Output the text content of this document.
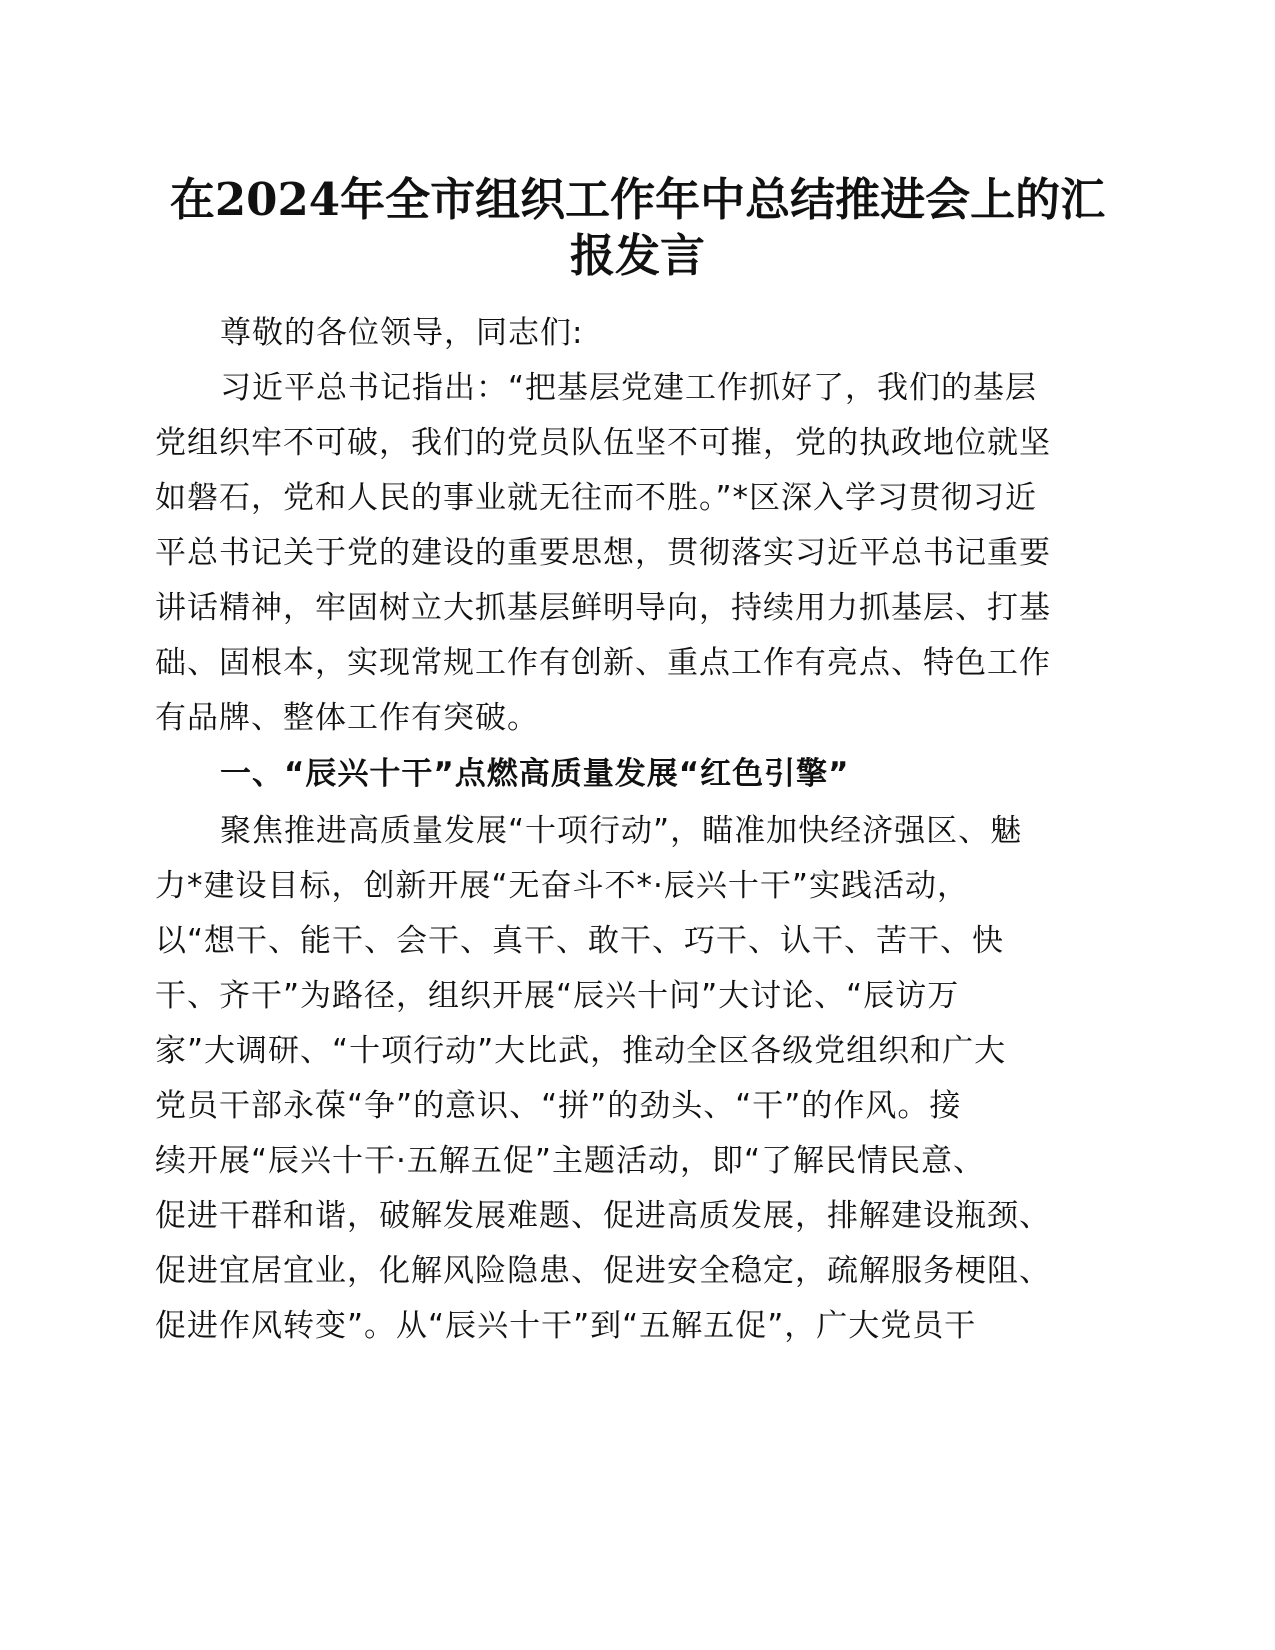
在2024年全市组织工作年中总结推进会上的汇
报发言
尊敬的各位领导，同志们:
习近平总书记指出：“把基层党建工作抓好了，我们的基层
党组织牢不可破，我们的党员队伍坚不可摧，党的执政地位就坚
如磐石，党和人民的事业就无往而不胜。”*区深入学习贯彻习近
平总书记关于党的建设的重要思想，贯彻落实习近平总书记重要
讲话精神，牢固树立大抓基层鲜明导向，持续用力抓基层、打基
础、固根本，实现常规工作有创新、重点工作有亮点、特色工作
有品牌、整体工作有突破。
一、“辰兴十干”点燃高质量发展“红色引擎”
聚焦推进高质量发展“十项行动”，瞄准加快经济强区、魅
力*建设目标，创新开展“无奋斗不*·辰兴十干”实践活动，
以“想干、能干、会干、真干、敢干、巧干、认干、苦干、快
干、齐干”为路径，组织开展“辰兴十问”大讨论、“辰访万
家”大调研、“十项行动”大比武，推动全区各级党组织和广大
党员干部永葆“争”的意识、“拼”的劲头、“干”的作风。接
续开展“辰兴十干·五解五促”主题活动，即“了解民情民意、
促进干群和谐，破解发展难题、促进高质发展，排解建设瓶颈、
促进宜居宜业，化解风险隐患、促进安全稳定，疏解服务梗阻、
促进作风转变”。从“辰兴十干”到“五解五促”，广大党员干
